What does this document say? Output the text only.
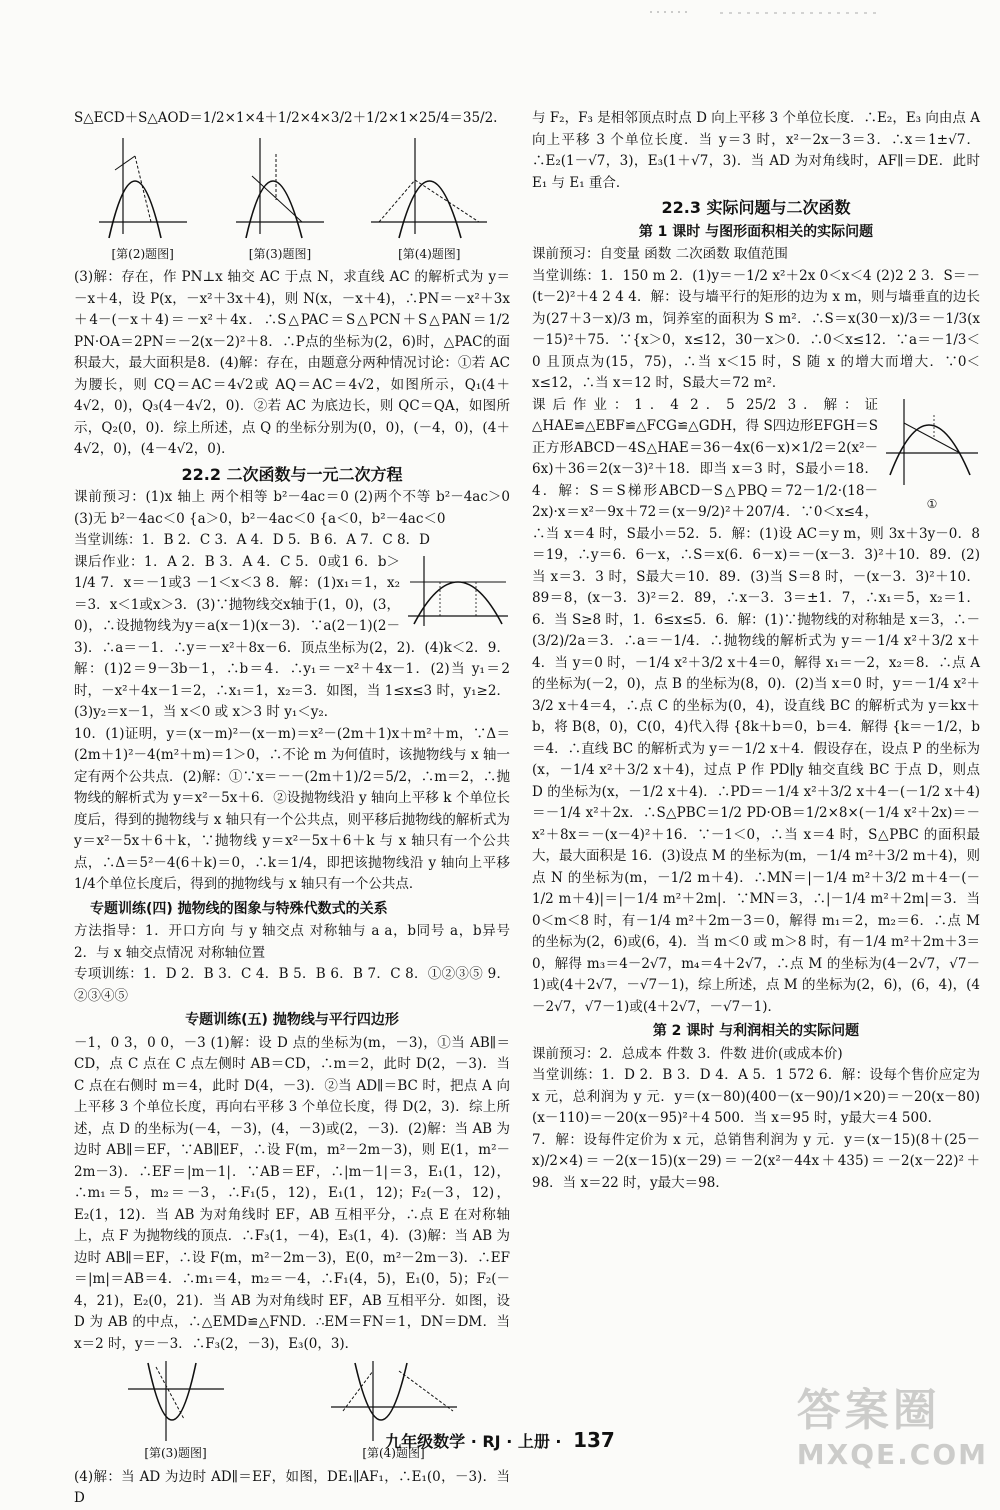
S△ECD＋S△AOD＝1/2×1×4＋1/2×4×3/2＋1/2×1×25/4＝35/2.

[第(2)题图]	[第(3)题图]	[第(4)题图]

(3)解：存在，作 PN⊥x 轴交 AC 于点 N，求直线 AC 的解析式为 y＝－x＋4，设 P(x，－x²＋3x＋4)，则 N(x，－x＋4)，∴PN＝－x²＋3x＋4－(－x＋4)＝－x²＋4x．∴S△PAC＝S△PCN＋S△PAN＝1/2 PN·OA＝2PN＝－2(x－2)²＋8．∴P点的坐标为(2，6)时，△PAC的面积最大，最大面积是8．(4)解：存在，由题意分两种情况讨论：①若 AC 为腰长，则 CQ＝AC＝4√2或 AQ＝AC＝4√2，如图所示，Q₁(4＋4√2，0)，Q₃(4－4√2，0)．②若 AC 为底边长，则 QC＝QA，如图所示，Q₂(0，0)．综上所述，点 Q 的坐标分别为(0，0)，(－4，0)，(4＋4√2，0)，(4－4√2，0)．

22.2 二次函数与一元二次方程

课前预习：(1)x 轴上 两个相等 b²－4ac＝0 (2)两个不等 b²－4ac＞0 (3)无 b²－4ac＜0 {a＞0，b²－4ac＜0 {a＜0，b²－4ac＜0

当堂训练：1．B 2．C 3．A 4．D 5．B 6．A 7．C 8．D

课后作业：1．A 2．B 3．A 4．C 5．0或1 6．b＞1/4 7．x＝－1或3 －1＜x＜3 8．解：(1)x₁＝1，x₂＝3．x＜1或x＞3．(3)∵抛物线交x轴于(1，0)，(3，0)，∴设抛物线为y＝a(x－1)(x－3)．∵a(2－1)(2－3)．∴a＝－1．∴y＝－x²＋8x－6．顶点坐标为(2，2)．(4)k＜2．9．解：(1)2＝9－3b－1，∴b＝4．∴y₁＝－x²＋4x－1．(2)当 y₁＝2 时，－x²＋4x－1＝2，∴x₁＝1，x₂＝3．如图，当 1≤x≤3 时，y₁≥2．(3)y₂＝x－1，当 x＜0 或 x＞3 时 y₁＜y₂．

10．(1)证明，y＝(x－m)²－(x－m)＝x²－(2m＋1)x＋m²＋m，∵Δ＝(2m＋1)²－4(m²＋m)＝1＞0，∴不论 m 为何值时，该抛物线与 x 轴一定有两个公共点．(2)解：①∵x＝－－(2m＋1)/2＝5/2，∴m＝2，∴抛物线的解析式为 y＝x²－5x＋6．②设抛物线沿 y 轴向上平移 k 个单位长度后，得到的抛物线与 x 轴只有一个公共点，则平移后抛物线的解析式为 y＝x²－5x＋6＋k，∵抛物线 y＝x²－5x＋6＋k 与 x 轴只有一个公共点，∴Δ＝5²－4(6＋k)＝0，∴k＝1/4，即把该抛物线沿 y 轴向上平移1/4个单位长度后，得到的抛物线与 x 轴只有一个公共点．

专题训练(四) 抛物线的图象与特殊代数式的关系

方法指导：1．开口方向 与 y 轴交点 对称轴与 a a，b同号 a，b异号 2．与 x 轴交点情况 对称轴位置

专项训练：1．D 2．B 3．C 4．B 5．B 6．B 7．C 8．①②③⑤ 9．②③④⑤

专题训练(五) 抛物线与平行四边形

－1，0 3，0 0，－3 (1)解：设 D 点的坐标为(m，－3)，①当 AB∥＝CD，点 C 点在 C 点左侧时 AB＝CD，∴m＝2，此时 D(2，－3)．当 C 点在右侧时 m＝4，此时 D(4，－3)．②当 AD∥＝BC 时，把点 A 向上平移 3 个单位长度，再向右平移 3 个单位长度，得 D(2，3)．综上所述，点 D 的坐标为(－4，－3)，(4，－3)或(2，－3)．(2)解：当 AB 为边时 AB∥＝EF，∵AB∥EF，∴设 F(m，m²－2m－3)，则 E(1，m²－2m－3)．∴EF＝|m－1|．∵AB＝EF，∴|m－1|＝3，E₁(1，12)，∴m₁＝5，m₂＝－3，∴F₁(5，12)，E₁(1，12)；F₂(－3，12)，E₂(1，12)．当 AB 为对角线时 EF，AB 互相平分，∴点 E 在对称轴上，点 F 为抛物线的顶点．∴F₃(1，－4)，E₃(1，4)．(3)解：当 AB 为边时 AB∥＝EF，∴设 F(m，m²－2m－3)，E(0，m²－2m－3)．∴EF＝|m|＝AB＝4．∴m₁＝4，m₂＝－4，∴F₁(4，5)，E₁(0，5)；F₂(－4，21)，E₂(0，21)．当 AB 为对角线时 EF，AB 互相平分．如图，设 D 为 AB 的中点，∴△EMD≌△FND．∴EM＝FN＝1，DN＝DM．当 x＝2 时，y＝－3．∴F₃(2，－3)，E₃(0，3)．

[第(3)题图]	[第(4)题图]

(4)解：当 AD 为边时 AD∥＝EF，如图，DE₁∥AF₁，∴E₁(0，－3)．当 D

与 F₂，F₃ 是相邻顶点时点 D 向上平移 3 个单位长度．∴E₂，E₃ 向由点 A 向上平移 3 个单位长度．当 y＝3 时，x²－2x－3＝3．∴x＝1±√7．∴E₂(1－√7，3)，E₃(1＋√7，3)．当 AD 为对角线时，AF∥＝DE．此时 E₁ 与 E₁ 重合．

22.3 实际问题与二次函数
第 1 课时 与图形面积相关的实际问题

课前预习：自变量 函数 二次函数 取值范围

当堂训练：1．150 m 2．(1)y＝－1/2 x²＋2x 0＜x＜4 (2)2 2 3．S＝－(t－2)²＋4 2 4 4．解：设与墙平行的矩形的边为 x m，则与墙垂直的边长为(27＋3－x)/3 m，饲养室的面积为 S m²．∴S＝x(30－x)/3＝－1/3(x－15)²＋75．∵{x＞0，x≤12，30－x＞0．∴0＜x≤12．∵a＝－1/3＜0 且顶点为(15，75)，∴当 x＜15 时，S 随 x 的增大而增大．∵0＜x≤12，∴当 x＝12 时，S最大＝72 m²．

①

课后作业：1．4 2．5 25/2 3．解：证△HAE≌△EBF≌△FCG≌△GDH，得 S四边形EFGH＝S正方形ABCD－4S△HAE＝36－4x(6－x)×1/2＝2(x²－6x)＋36＝2(x－3)²＋18．即当 x＝3 时，S最小＝18．4．解：S＝S梯形ABCD－S△PBQ＝72－1/2·(18－2x)·x＝x²－9x＋72＝(x－9/2)²＋207/4．∵0＜x≤4，∴当 x＝4 时，S最小＝52．5．解：(1)设 AC＝y m，则 3x＋3y－0．8＝19，∴y＝6．6－x，∴S＝x(6．6－x)＝－(x－3．3)²＋10．89．(2)当 x＝3．3 时，S最大＝10．89．(3)当 S＝8 时，－(x－3．3)²＋10．89＝8，(x－3．3)²＝2．89，∴x－3．3＝±1．7，∴x₁＝5，x₂＝1．6．当 S≥8 时，1．6≤x≤5．6．解：(1)∵抛物线的对称轴是 x＝3，∴－(3/2)/2a＝3．∴a＝－1/4．∴抛物线的解析式为 y＝－1/4 x²＋3/2 x＋4．当 y＝0 时，－1/4 x²＋3/2 x＋4＝0，解得 x₁＝－2，x₂＝8．∴点 A 的坐标为(－2，0)，点 B 的坐标为(8，0)．(2)当 x＝0 时，y＝－1/4 x²＋3/2 x＋4＝4，∴点 C 的坐标为(0，4)，设直线 BC 的解析式为 y＝kx＋b，将 B(8，0)，C(0，4)代入得 {8k＋b＝0，b＝4．解得 {k＝－1/2，b＝4．∴直线 BC 的解析式为 y＝－1/2 x＋4．假设存在，设点 P 的坐标为(x，－1/4 x²＋3/2 x＋4)，过点 P 作 PD∥y 轴交直线 BC 于点 D，则点 D 的坐标为(x，－1/2 x＋4)．∴PD＝－1/4 x²＋3/2 x＋4－(－1/2 x＋4)＝－1/4 x²＋2x．∴S△PBC＝1/2 PD·OB＝1/2×8×(－1/4 x²＋2x)＝－x²＋8x＝－(x－4)²＋16．∵－1＜0，∴当 x＝4 时，S△PBC 的面积最大，最大面积是 16．(3)设点 M 的坐标为(m，－1/4 m²＋3/2 m＋4)，则点 N 的坐标为(m，－1/2 m＋4)．∴MN＝|－1/4 m²＋3/2 m＋4－(－1/2 m＋4)|＝|－1/4 m²＋2m|．∵MN＝3，∴|－1/4 m²＋2m|＝3．当 0＜m＜8 时，有－1/4 m²＋2m－3＝0，解得 m₁＝2，m₂＝6．∴点 M 的坐标为(2，6)或(6，4)．当 m＜0 或 m＞8 时，有－1/4 m²＋2m＋3＝0，解得 m₃＝4－2√7，m₄＝4＋2√7，∴点 M 的坐标为(4－2√7，√7－1)或(4＋2√7，－√7－1)，综上所述，点 M 的坐标为(2，6)，(6，4)，(4－2√7，√7－1)或(4＋2√7，－√7－1)．

第 2 课时 与利润相关的实际问题

课前预习：2．总成本 件数 3．件数 进价(或成本价)

当堂训练：1．D 2．B 3．D 4．A 5．1 572 6．解：设每个售价应定为 x 元，总利润为 y 元．y＝(x－80)(400－(x－90)/1×20)＝－20(x－80)(x－110)＝－20(x－95)²＋4 500．当 x＝95 时，y最大＝4 500．

7．解：设每件定价为 x 元，总销售利润为 y 元．y＝(x－15)(8＋(25－x)/2×4)＝－2(x－15)(x－29)＝－2(x²－44x＋435)＝－2(x－22)²＋98．当 x＝22 时，y最大＝98．

九年级数学 · RJ · 上册 · 137
答案圈
MXQE.COM
